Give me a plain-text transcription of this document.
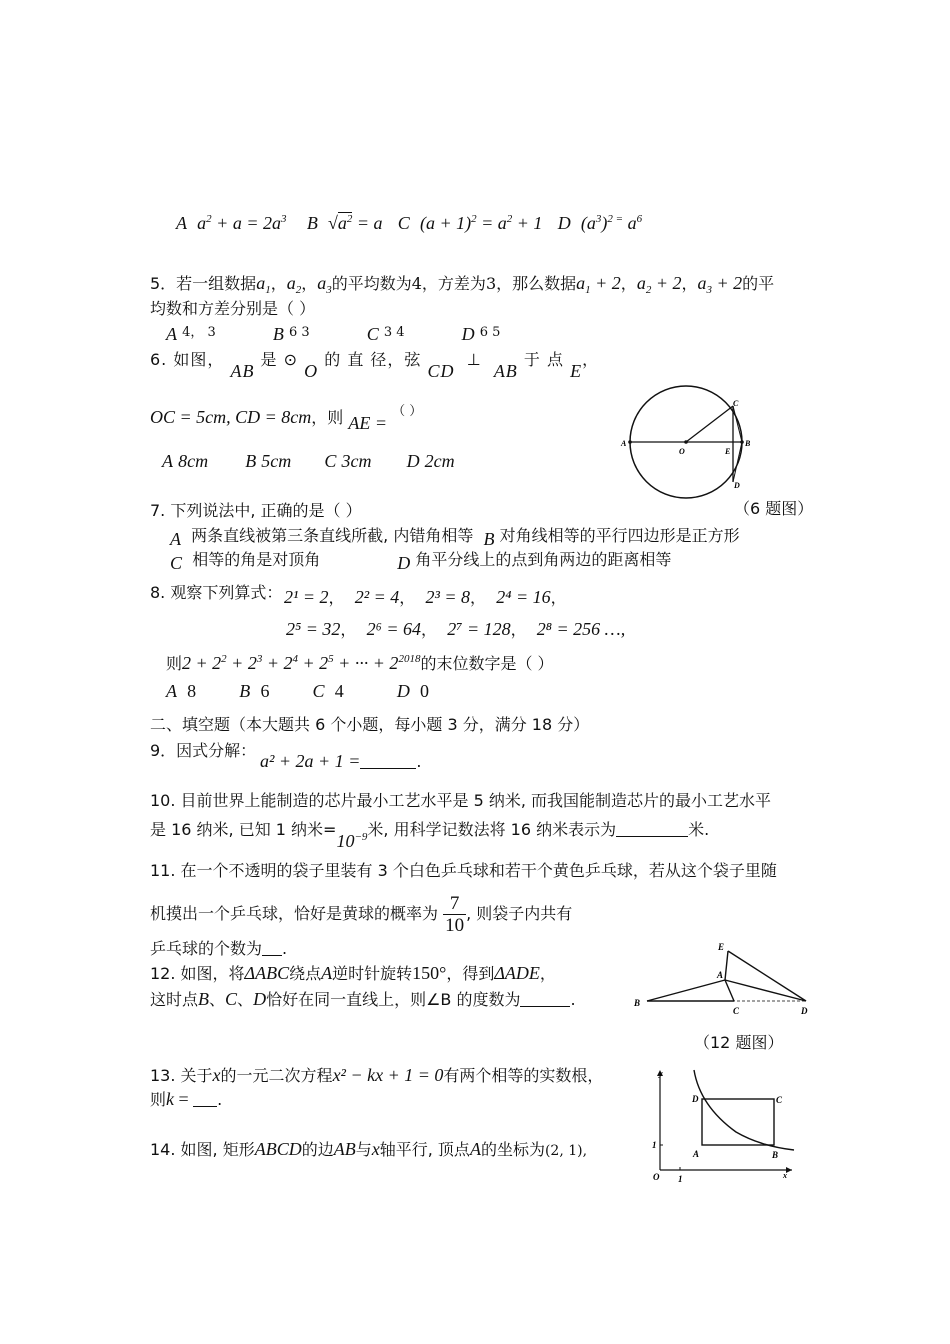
A $a^2 + a = 2a^3$ B $√a^2 = a$ C $(a + 1)^2 = a^2 + 1$ D $(a^3)^{2 =}$ $a^6$
5．若一组数据$a_1$，$a_2$，$a_3$的平均数为4，方差为3，那么数据$a_1 + 2$，$a_2 + 2$，$a_3 + 2$的平
均数和方差分别是（ ）
A $^{4, 3}$	B $^{6 3}$	C $^{3 4}$	D $^{6 5}$
6. 如图， AB 是 ⊙ O 的 直 径，弦 CD  ⊥  AB 于 点 E，
OC = 5cm, CD = 8cm，则 AE = （ ）
A 8cm B 5cm C 3cm D 2cm
A
O	E
B
C
D
（6 题图）
7. 下列说法中, 正确的是（ ）
A 两条直线被第三条直线所截, 内错角相等 B 对角线相等的平行四边形是正方形
C 相等的角是对顶角	D 角平分线上的点到角两边的距离相等
8. 观察下列算式： 2¹ = 2，  2² = 4，  2³ = 8，  2⁴ = 16，
2⁵ = 32，  2⁶ = 64，  2⁷ = 128，  2⁸ = 256 …,
则$2 + 2^2 + 2^3 + 2^4 + 2^5$ + ··· + $2^{2018}$的末位数字是（ ）
A 8 B 6 C 4	D 0
二、填空题（本大题共 6 个小题，每小题 3 分，满分 18 分）
9．因式分解：
a² + 2a + 1 =	.
10. 目前世界上能制造的芯片最小工艺水平是 5 纳米, 而我国能制造芯片的最小工艺水平
是 16 纳米, 已知 1 纳米$=10^{-9}$米, 用科学记数法将 16 纳米表示为	米.
11. 在一个不透明的袋子里装有 3 个白色乒乓球和若干个黄色乒乓球，若从这个袋子里随
机摸出一个乒乓球，恰好是黄球的概率为 $\frac{7}{10}$ , 则袋子内共有
乒乓球的个数为 .
12. 如图，将ΔABC绕点A逆时针旋转150°，得到ΔADE，
这时点B、C、D恰好在同一直线上，则∠B 的度数为	.
E
A
B
C	D
（12 题图）
13. 关于x的一元二次方程x² − kx + 1 = 0有两个相等的实数根，
则k = .
14. 如图, 矩形ABCD的边AB与x轴平行, 顶点A的坐标为(2, 1),
y
D	C
1
A	B
O 1	x
